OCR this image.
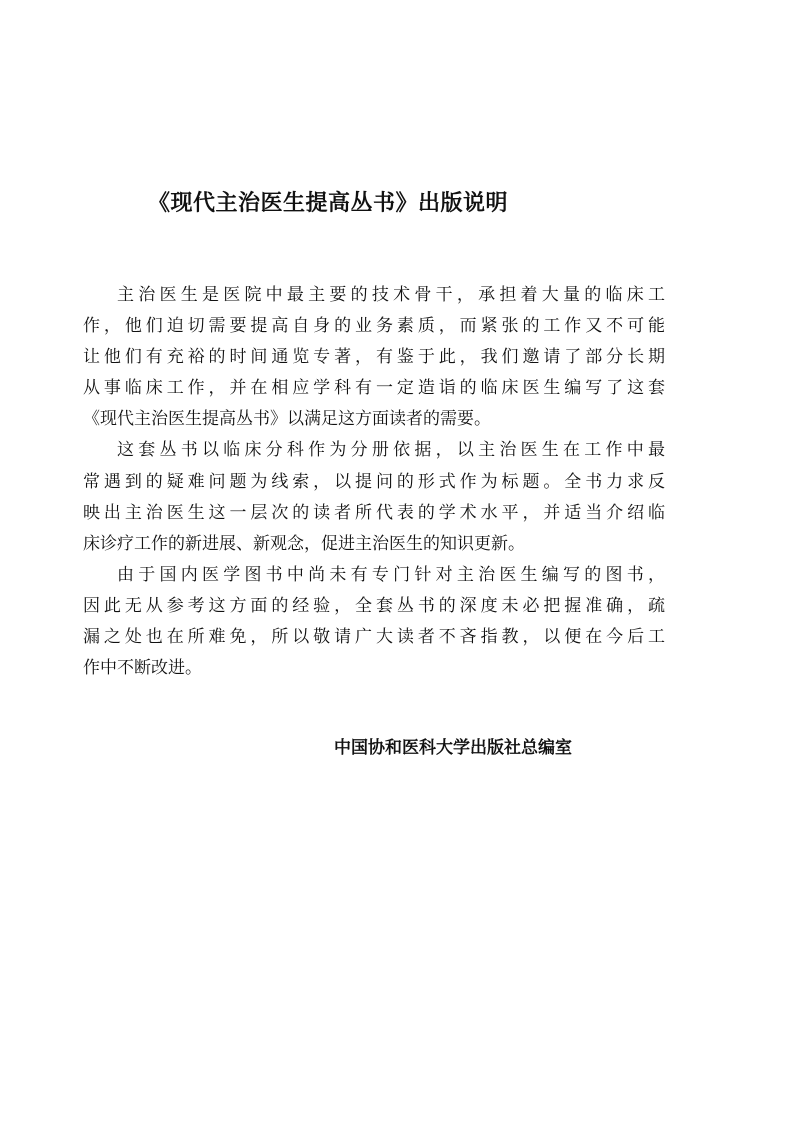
《现代主治医生提高丛书》出版说明

主治医生是医院中最主要的技术骨干，承担着大量的临床工
作，他们迫切需要提高自身的业务素质，而紧张的工作又不可能
让他们有充裕的时间通览专著，有鉴于此，我们邀请了部分长期
从事临床工作，并在相应学科有一定造诣的临床医生编写了这套
《现代主治医生提高丛书》以满足这方面读者的需要。

这套丛书以临床分科作为分册依据，以主治医生在工作中最
常遇到的疑难问题为线索，以提问的形式作为标题。全书力求反
映出主治医生这一层次的读者所代表的学术水平，并适当介绍临
床诊疗工作的新进展、新观念，促进主治医生的知识更新。

由于国内医学图书中尚未有专门针对主治医生编写的图书，
因此无从参考这方面的经验，全套丛书的深度未必把握准确，疏
漏之处也在所难免，所以敬请广大读者不吝指教，以便在今后工
作中不断改进。

中国协和医科大学出版社总编室
